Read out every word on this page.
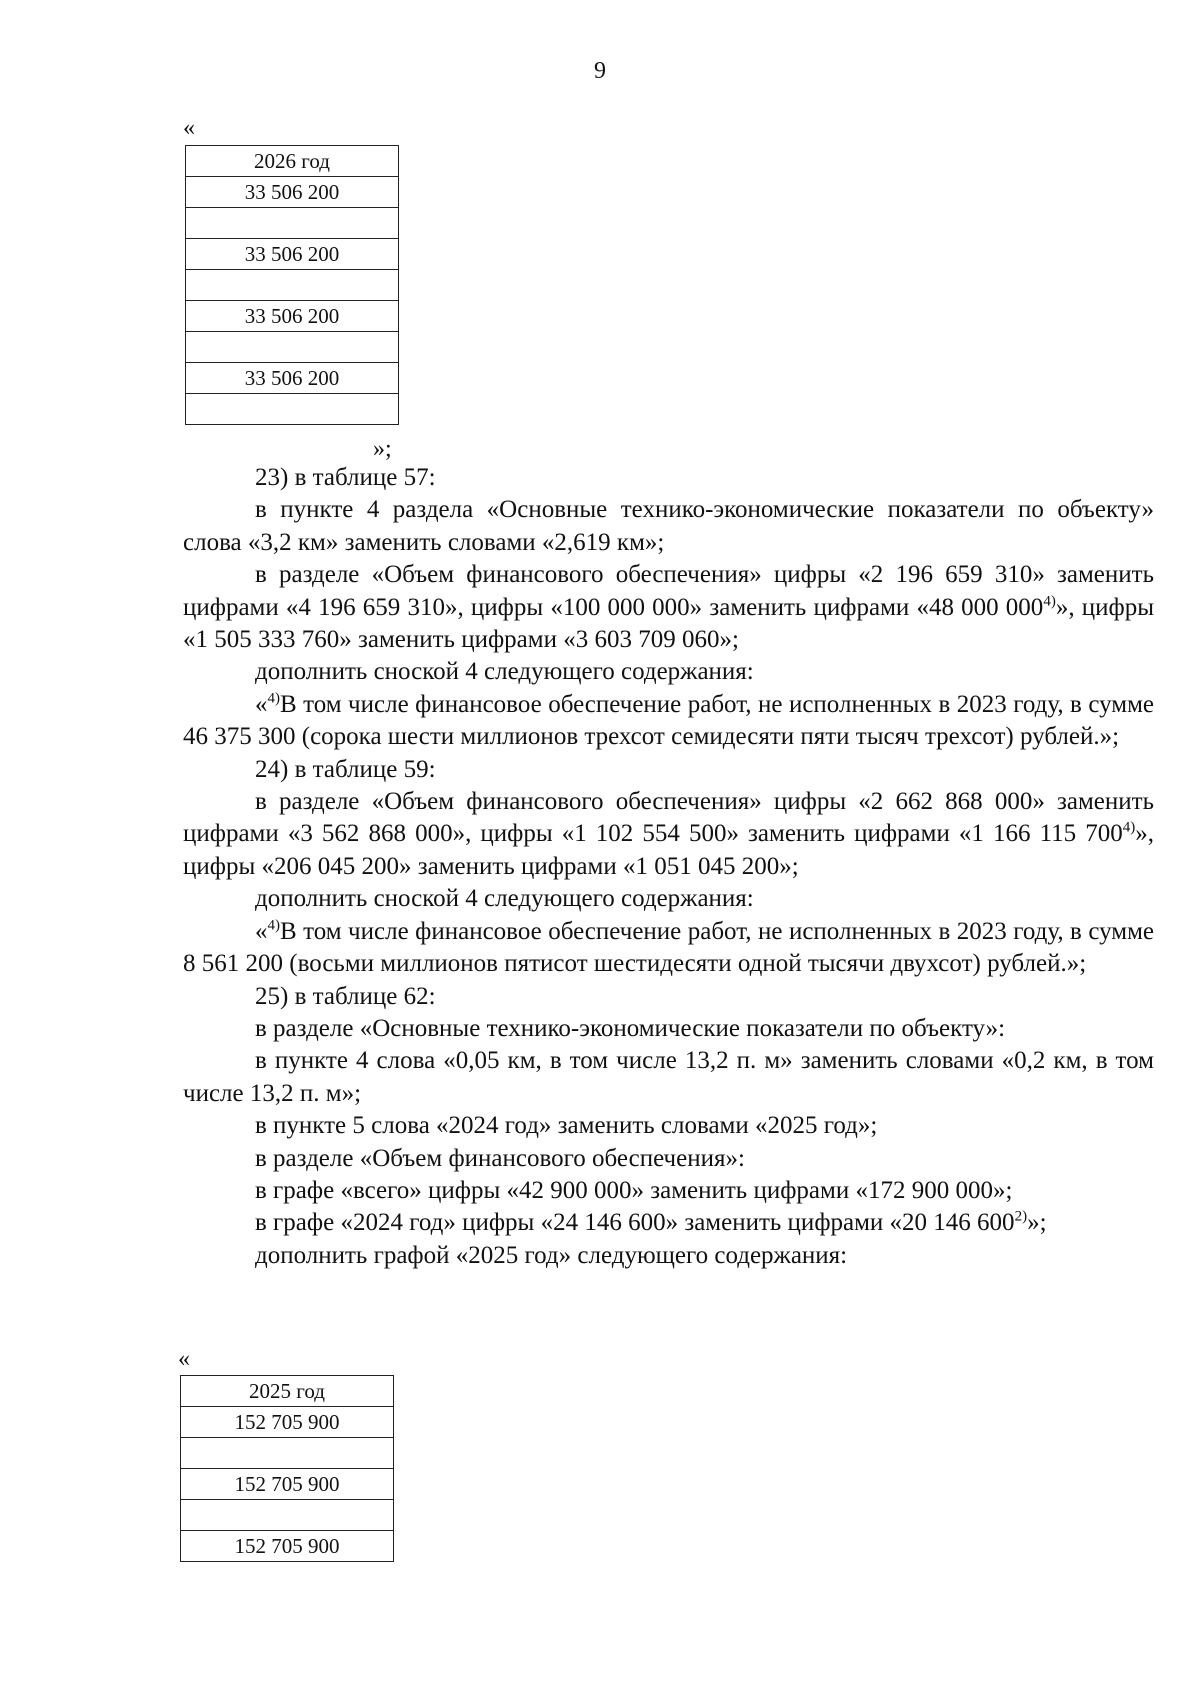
9
«
2026 год
33 506 200

33 506 200

33 506 200

33 506 200

»;

23) в таблице 57:

в пункте 4 раздела «Основные технико-экономические показатели по объекту» слова «3,2 км» заменить словами «2,619 км»;

в разделе «Объем финансового обеспечения» цифры «2 196 659 310» заменить цифрами «4 196 659 310», цифры «100 000 000» заменить цифрами «48 000 000$^{4)}$», цифры «1 505 333 760» заменить цифрами «3 603 709 060»;

дополнить сноской 4 следующего содержания:

«$^{4)}$В том числе финансовое обеспечение работ, не исполненных в 2023 году, в сумме 46 375 300 (сорока шести миллионов трехсот семидесяти пяти тысяч трехсот) рублей.»;

24) в таблице 59:

в разделе «Объем финансового обеспечения» цифры «2 662 868 000» заменить цифрами «3 562 868 000», цифры «1 102 554 500» заменить цифрами «1 166 115 700$^{4)}$», цифры «206 045 200» заменить цифрами «1 051 045 200»;

дополнить сноской 4 следующего содержания:

«$^{4)}$В том числе финансовое обеспечение работ, не исполненных в 2023 году, в сумме 8 561 200 (восьми миллионов пятисот шестидесяти одной тысячи двухсот) рублей.»;

25) в таблице 62:

в разделе «Основные технико-экономические показатели по объекту»:

в пункте 4 слова «0,05 км, в том числе 13,2 п. м» заменить словами «0,2 км, в том числе 13,2 п. м»;

в пункте 5 слова «2024 год» заменить словами «2025 год»;

в разделе «Объем финансового обеспечения»:

в графе «всего» цифры «42 900 000» заменить цифрами «172 900 000»;

в графе «2024 год» цифры «24 146 600» заменить цифрами «20 146 600$^{2)}$»;

дополнить графой «2025 год» следующего содержания:

«
2025 год
152 705 900

152 705 900

152 705 900
